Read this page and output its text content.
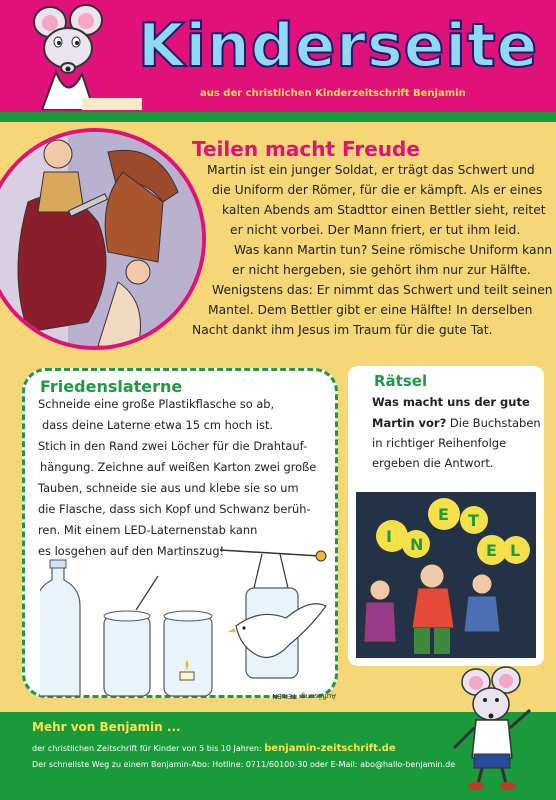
Kinderseite
aus der christlichen Kinderzeitschrift Benjamin
Teilen macht Freude
Martin ist ein junger Soldat, er trägt das Schwert und
die Uniform der Römer, für die er kämpft. Als er eines
kalten Abends am Stadttor einen Bettler sieht, reitet
er nicht vorbei. Der Mann friert, er tut ihm leid.
Was kann Martin tun? Seine römische Uniform kann
er nicht hergeben, sie gehört ihm nur zur Hälfte.
Wenigstens das: Er nimmt das Schwert und teilt seinen
Mantel. Dem Bettler gibt er eine Hälfte! In derselben
Nacht dankt ihm Jesus im Traum für die gute Tat.
Friedenslaterne
Schneide eine große Plastikflasche so ab,
dass deine Laterne etwa 15 cm hoch ist.
Stich in den Rand zwei Löcher für die Drahtauf-
hängung. Zeichne auf weißen Karton zwei große
Tauben, schneide sie aus und klebe sie so um
die Flasche, dass sich Kopf und Schwanz berüh-
ren. Mit einem LED-Laternenstab kann
es losgehen auf den Martinszug!
Rätsel
Was macht uns der gute
Martin vor? Die Buchstaben
in richtiger Reihenfolge
ergeben die Antwort.
I
E T
N	E L
Auflösung: TEILEN
Mehr von Benjamin ...
der christlichen Zeitschrift für Kinder von 5 bis 10 Jahren: benjamin-zeitschrift.de
Der schnellste Weg zu einem Benjamin-Abo: Hotline: 0711/60100-30 oder E-Mail: abo@hallo-benjamin.de
